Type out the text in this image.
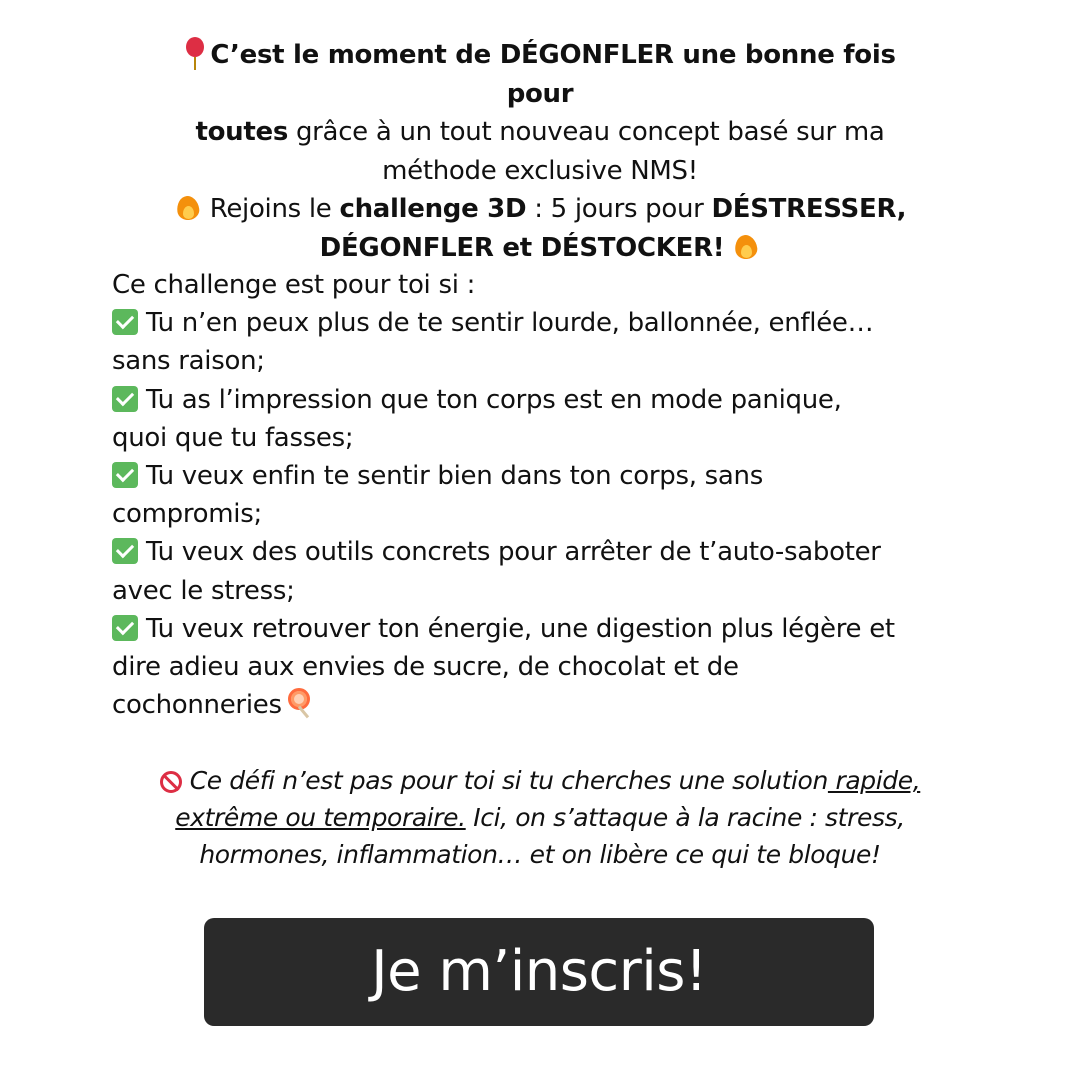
C’est le moment de DÉGONFLER une bonne fois pour
toutes grâce à un tout nouveau concept basé sur ma
méthode exclusive NMS!
Rejoins le challenge 3D : 5 jours pour DÉSTRESSER,
DÉGONFLER et DÉSTOCKER!

Ce challenge est pour toi si :

Tu n’en peux plus de te sentir lourde, ballonnée, enflée…
sans raison;

Tu as l’impression que ton corps est en mode panique,
quoi que tu fasses;

Tu veux enfin te sentir bien dans ton corps, sans
compromis;

Tu veux des outils concrets pour arrêter de t’auto-saboter
avec le stress;

Tu veux retrouver ton énergie, une digestion plus légère et
dire adieu aux envies de sucre, de chocolat et de
cochonneries

Ce défi n’est pas pour toi si tu cherches une solution rapide,
extrême ou temporaire. Ici, on s’attaque à la racine : stress,
hormones, inflammation… et on libère ce qui te bloque!
Je m’inscris!
